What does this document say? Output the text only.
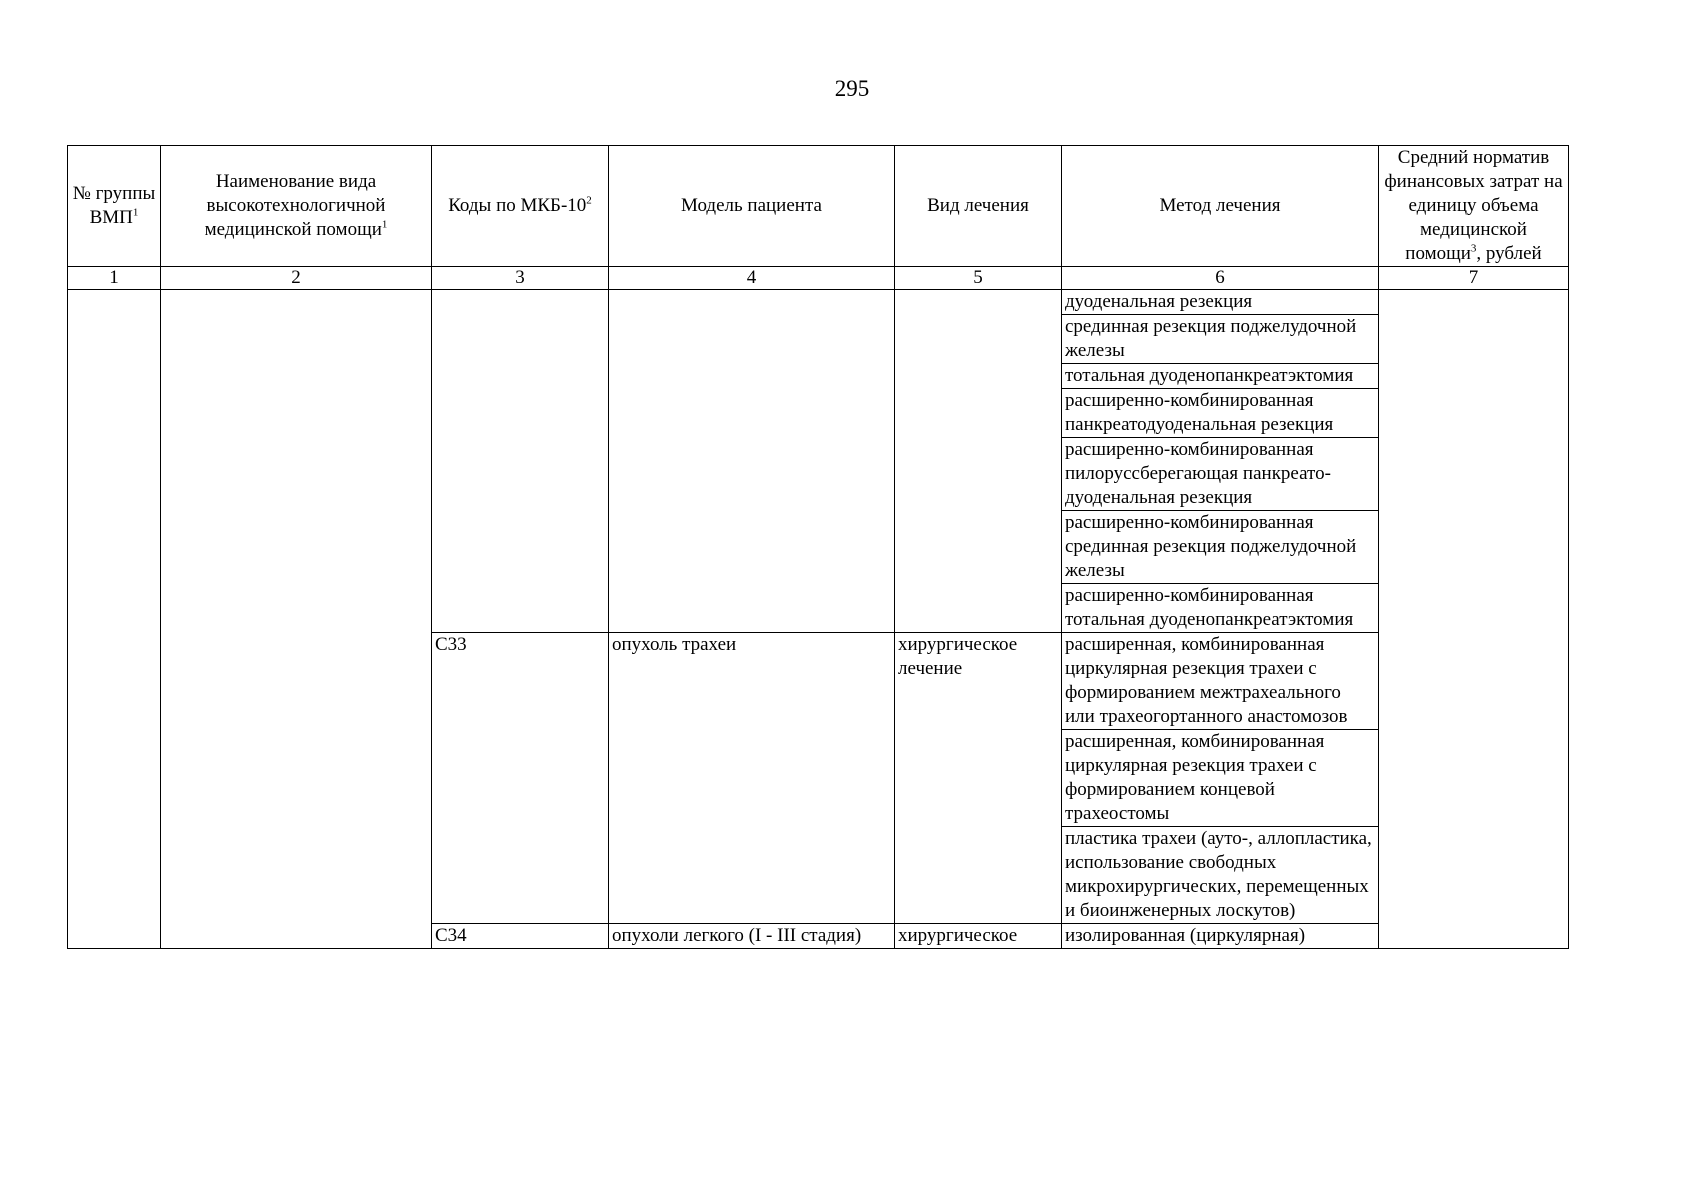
295
№ группы ВМП$^1$	Наименование вида высокотехнологичной медицинской помощи$^1$	Коды по МКБ-$10^2$	Модель пациента	Вид лечения	Метод лечения	Средний норматив финансовых затрат на единицу объема медицинской помощи$^3$, рублей
1	2	3	4	5	6	7
					дуоденальная резекция	
					срединная резекция поджелудочной железы	
					тотальная дуоденопанкреатэктомия	
					расширенно-комбинированная панкреатодуоденальная резекция	
					расширенно-комбинированная пилоруссберегающая панкреато-дуоденальная резекция	
					расширенно-комбинированная срединная резекция поджелудочной железы	
					расширенно-комбинированная тотальная дуоденопанкреатэктомия	
		C33	опухоль трахеи	хирургическое лечение	расширенная, комбинированная циркулярная резекция трахеи с формированием межтрахеального или трахеогортанного анастомозов	
					расширенная, комбинированная циркулярная резекция трахеи с формированием концевой трахеостомы	
					пластика трахеи (ауто-, аллопластика, использование свободных микрохирургических, перемещенных и биоинженерных лоскутов)	
		C34	опухоли легкого (I - III стадия)	хирургическое	изолированная (циркулярная)	
